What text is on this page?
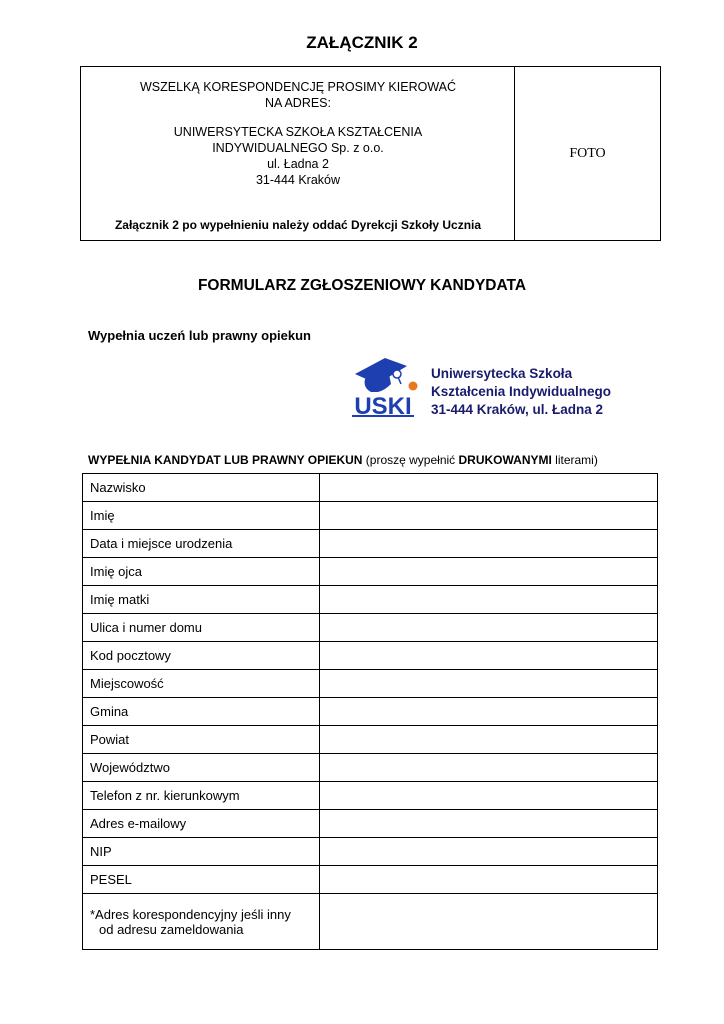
ZAŁĄCZNIK 2
WSZELKĄ KORESPONDENCJĘ PROSIMY KIEROWAĆ
NA ADRES:
UNIWERSYTECKA SZKOŁA KSZTAŁCENIA
INDYWIDUALNEGO Sp. z o.o.
ul. Ładna 2
31-444 Kraków
Załącznik 2 po wypełnieniu należy oddać Dyrekcji Szkoły Ucznia
FOTO
FORMULARZ ZGŁOSZENIOWY KANDYDATA
Wypełnia uczeń lub prawny opiekun
USKI
Uniwersytecka Szkoła
Kształcenia Indywidualnego
31-444 Kraków, ul. Ładna 2
WYPEŁNIA KANDYDAT LUB PRAWNY OPIEKUN (proszę wypełnić DRUKOWANYMI literami)
Nazwisko	
Imię	
Data i miejsce urodzenia	
Imię ojca	
Imię matki	
Ulica i numer domu	
Kod pocztowy	
Miejscowość	
Gmina	
Powiat	
Województwo	
Telefon z nr. kierunkowym	
Adres e-mailowy	
NIP	
PESEL	
*Adres korespondencyjny jeśli inny
od adresu zameldowania	
